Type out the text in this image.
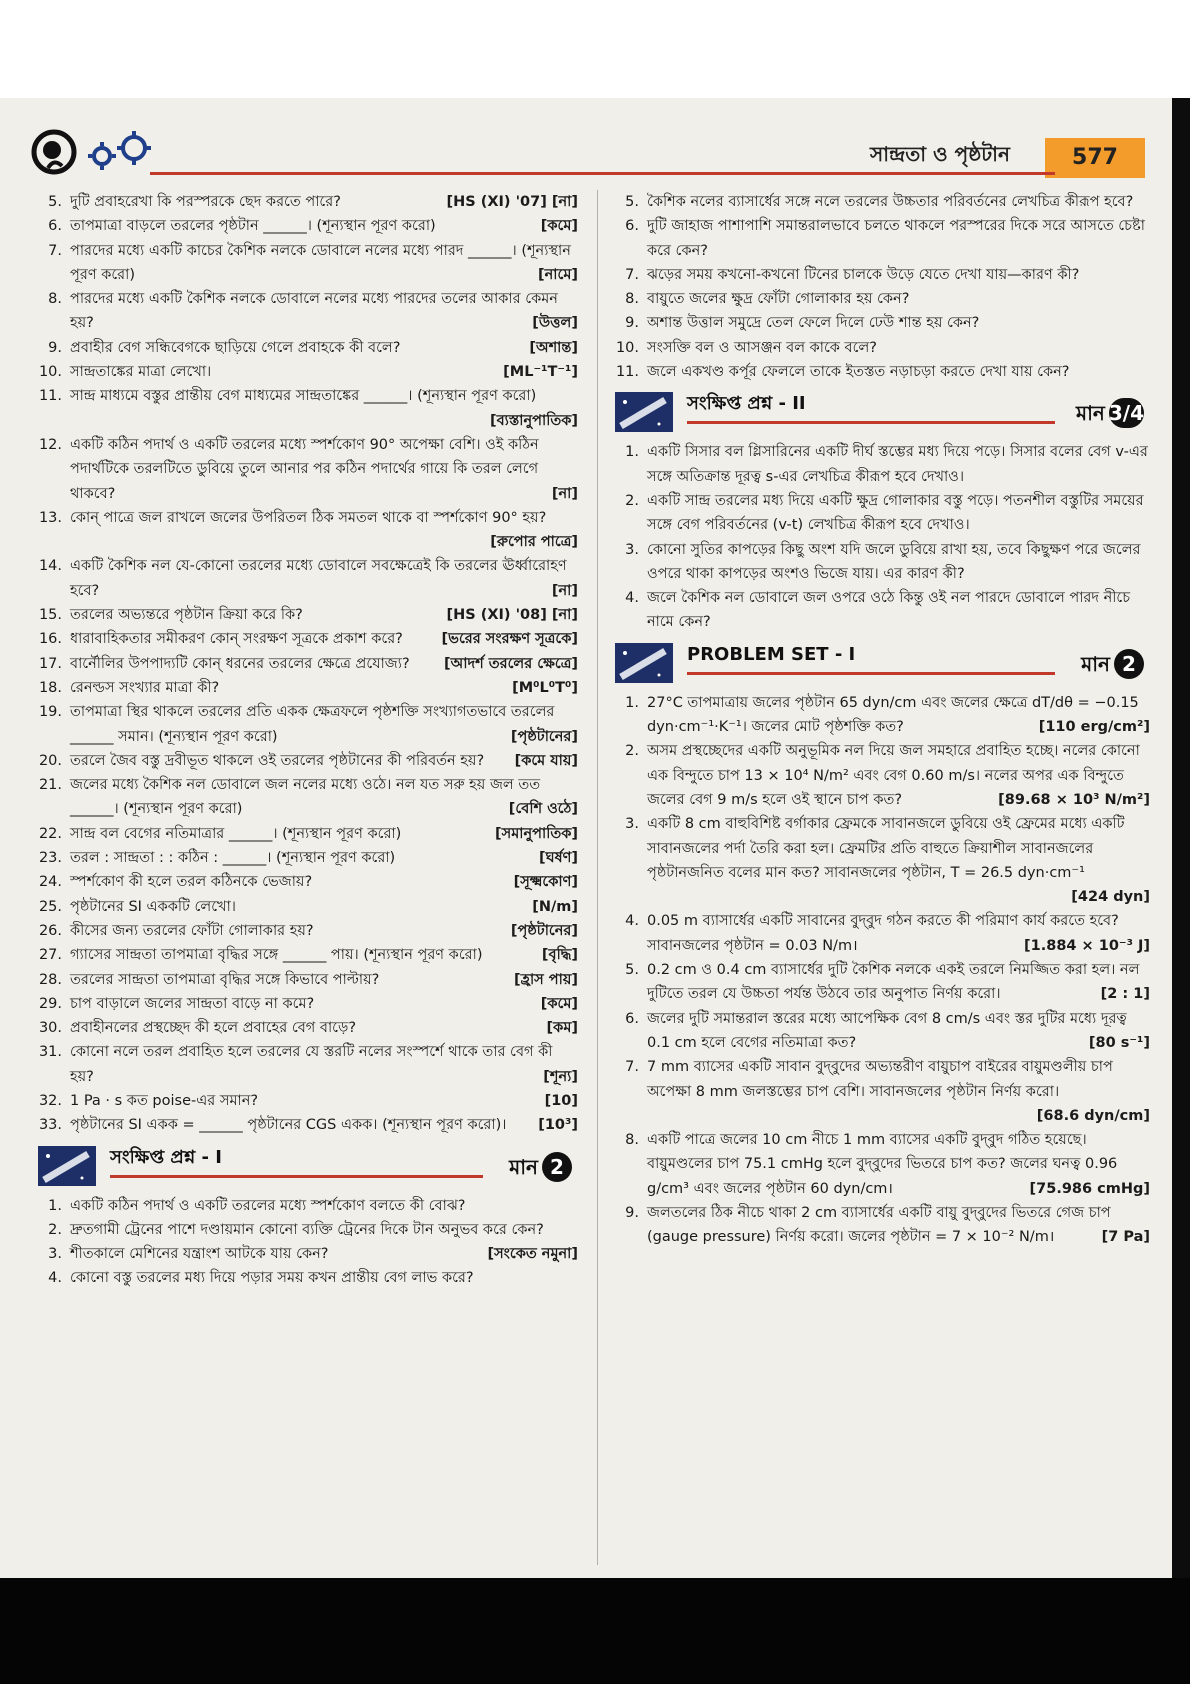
সান্দ্রতা ও পৃষ্ঠটান	577
5. দুটি প্রবাহরেখা কি পরস্পরকে ছেদ করতে পারে?	[HS (XI) '07] [না]
6. তাপমাত্রা বাড়লে তরলের পৃষ্ঠটান ______। (শূন্যস্থান পূরণ করো)	[কমে]
7. পারদের মধ্যে একটি কাচের কৈশিক নলকে ডোবালে নলের মধ্যে পারদ ______। (শূন্যস্থান পূরণ করো)	[নামে]
8. পারদের মধ্যে একটি কৈশিক নলকে ডোবালে নলের মধ্যে পারদের তলের আকার কেমন হয়?	[উত্তল]
9. প্রবাহীর বেগ সন্ধিবেগকে ছাড়িয়ে গেলে প্রবাহকে কী বলে?	[অশান্ত]
10. সান্দ্রতাঙ্কের মাত্রা লেখো।	[ML⁻¹T⁻¹]
11. সান্দ্র মাধ্যমে বস্তুর প্রান্তীয় বেগ মাধ্যমের সান্দ্রতাঙ্কের ______। (শূন্যস্থান পূরণ করো)
[ব্যস্তানুপাতিক]
12. একটি কঠিন পদার্থ ও একটি তরলের মধ্যে স্পর্শকোণ 90° অপেক্ষা বেশি। ওই কঠিন পদার্থটিকে তরলটিতে ডুবিয়ে তুলে আনার পর কঠিন পদার্থের গায়ে কি তরল লেগে থাকবে?	[না]
13. কোন্‌ পাত্রে জল রাখলে জলের উপরিতল ঠিক সমতল থাকে বা স্পর্শকোণ 90° হয়?
[রুপোর পাত্রে]
14. একটি কৈশিক নল যে-কোনো তরলের মধ্যে ডোবালে সবক্ষেত্রেই কি তরলের ঊর্ধ্বারোহণ হবে?	[না]
15. তরলের অভ্যন্তরে পৃষ্ঠটান ক্রিয়া করে কি?	[HS (XI) '08] [না]
16. ধারাবাহিকতার সমীকরণ কোন্‌ সংরক্ষণ সূত্রকে প্রকাশ করে?	[ভরের সংরক্ষণ সূত্রকে]
17. বার্নৌলির উপপাদ্যটি কোন্‌ ধরনের তরলের ক্ষেত্রে প্রযোজ্য?	[আদর্শ তরলের ক্ষেত্রে]
18. রেনল্ডস সংখ্যার মাত্রা কী?	[M⁰L⁰T⁰]
19. তাপমাত্রা স্থির থাকলে তরলের প্রতি একক ক্ষেত্রফলে পৃষ্ঠশক্তি সংখ্যাগতভাবে তরলের ______ সমান। (শূন্যস্থান পূরণ করো)	[পৃষ্ঠটানের]
20. তরলে জৈব বস্তু দ্রবীভূত থাকলে ওই তরলের পৃষ্ঠটানের কী পরিবর্তন হয়?	[কমে যায়]
21. জলের মধ্যে কৈশিক নল ডোবালে জল নলের মধ্যে ওঠে। নল যত সরু হয় জল তত ______। (শূন্যস্থান পূরণ করো)	[বেশি ওঠে]
22. সান্দ্র বল বেগের নতিমাত্রার ______। (শূন্যস্থান পূরণ করো)	[সমানুপাতিক]
23. তরল : সান্দ্রতা : : কঠিন : ______। (শূন্যস্থান পূরণ করো)	[ঘর্ষণ]
24. স্পর্শকোণ কী হলে তরল কঠিনকে ভেজায়?	[সূক্ষ্মকোণ]
25. পৃষ্ঠটানের SI এককটি লেখো।	[N/m]
26. কীসের জন্য তরলের ফোঁটা গোলাকার হয়?	[পৃষ্ঠটানের]
27. গ্যাসের সান্দ্রতা তাপমাত্রা বৃদ্ধির সঙ্গে ______ পায়। (শূন্যস্থান পূরণ করো)	[বৃদ্ধি]
28. তরলের সান্দ্রতা তাপমাত্রা বৃদ্ধির সঙ্গে কিভাবে পাল্টায়?	[হ্রাস পায়]
29. চাপ বাড়ালে জলের সান্দ্রতা বাড়ে না কমে?	[কমে]
30. প্রবাহীনলের প্রস্থচ্ছেদ কী হলে প্রবাহের বেগ বাড়ে?	[কম]
31. কোনো নলে তরল প্রবাহিত হলে তরলের যে স্তরটি নলের সংস্পর্শে থাকে তার বেগ কী হয়?	[শূন্য]
32. 1 Pa · s কত poise-এর সমান?	[10]
33. পৃষ্ঠটানের SI একক = ______ পৃষ্ঠটানের CGS একক। (শূন্যস্থান পূরণ করো)।	[10³]
সংক্ষিপ্ত প্রশ্ন - I	মান 2
1. একটি কঠিন পদার্থ ও একটি তরলের মধ্যে স্পর্শকোণ বলতে কী বোঝ?
2. দ্রুতগামী ট্রেনের পাশে দণ্ডায়মান কোনো ব্যক্তি ট্রেনের দিকে টান অনুভব করে কেন?
3. শীতকালে মেশিনের যন্ত্রাংশ আটকে যায় কেন?	[সংকেত নমুনা]
4. কোনো বস্তু তরলের মধ্য দিয়ে পড়ার সময় কখন প্রান্তীয় বেগ লাভ করে?
5. কৈশিক নলের ব্যাসার্ধের সঙ্গে নলে তরলের উচ্চতার পরিবর্তনের লেখচিত্র কীরূপ হবে?
6. দুটি জাহাজ পাশাপাশি সমান্তরালভাবে চলতে থাকলে পরস্পরের দিকে সরে আসতে চেষ্টা করে কেন?
7. ঝড়ের সময় কখনো-কখনো টিনের চালকে উড়ে যেতে দেখা যায়—কারণ কী?
8. বায়ুতে জলের ক্ষুদ্র ফোঁটা গোলাকার হয় কেন?
9. অশান্ত উত্তাল সমুদ্রে তেল ফেলে দিলে ঢেউ শান্ত হয় কেন?
10. সংসক্তি বল ও আসঞ্জন বল কাকে বলে?
11. জলে একখণ্ড কর্পূর ফেললে তাকে ইতস্তত নড়াচড়া করতে দেখা যায় কেন?
সংক্ষিপ্ত প্রশ্ন - II	মান 3/4
1. একটি সিসার বল গ্লিসারিনের একটি দীর্ঘ স্তম্ভের মধ্য দিয়ে পড়ে। সিসার বলের বেগ v-এর সঙ্গে অতিক্রান্ত দূরত্ব s-এর লেখচিত্র কীরূপ হবে দেখাও।
2. একটি সান্দ্র তরলের মধ্য দিয়ে একটি ক্ষুদ্র গোলাকার বস্তু পড়ে। পতনশীল বস্তুটির সময়ের সঙ্গে বেগ পরিবর্তনের (v-t) লেখচিত্র কীরূপ হবে দেখাও।
3. কোনো সুতির কাপড়ের কিছু অংশ যদি জলে ডুবিয়ে রাখা হয়, তবে কিছুক্ষণ পরে জলের ওপরে থাকা কাপড়ের অংশও ভিজে যায়। এর কারণ কী?
4. জলে কৈশিক নল ডোবালে জল ওপরে ওঠে কিন্তু ওই নল পারদে ডোবালে পারদ নীচে নামে কেন?
PROBLEM SET - I	মান 2
1. 27°C তাপমাত্রায় জলের পৃষ্ঠটান 65 dyn/cm এবং জলের ক্ষেত্রে dT/dθ = −0.15 dyn·cm⁻¹·K⁻¹। জলের মোট পৃষ্ঠশক্তি কত?	[110 erg/cm²]
2. অসম প্রস্থচ্ছেদের একটি অনুভূমিক নল দিয়ে জল সমহারে প্রবাহিত হচ্ছে। নলের কোনো এক বিন্দুতে চাপ 13 × 10⁴ N/m² এবং বেগ 0.60 m/s। নলের অপর এক বিন্দুতে জলের বেগ 9 m/s হলে ওই স্থানে চাপ কত?	[89.68 × 10³ N/m²]
3. একটি 8 cm বাহুবিশিষ্ট বর্গাকার ফ্রেমকে সাবানজলে ডুবিয়ে ওই ফ্রেমের মধ্যে একটি সাবানজলের পর্দা তৈরি করা হল। ফ্রেমটির প্রতি বাহুতে ক্রিয়াশীল সাবানজলের পৃষ্ঠটানজনিত বলের মান কত? সাবানজলের পৃষ্ঠটান, T = 26.5 dyn·cm⁻¹
[424 dyn]
4. 0.05 m ব্যাসার্ধের একটি সাবানের বুদ্‌বুদ গঠন করতে কী পরিমাণ কার্য করতে হবে? সাবানজলের পৃষ্ঠটান = 0.03 N/m।	[1.884 × 10⁻³ J]
5. 0.2 cm ও 0.4 cm ব্যাসার্ধের দুটি কৈশিক নলকে একই তরলে নিমজ্জিত করা হল। নল দুটিতে তরল যে উচ্চতা পর্যন্ত উঠবে তার অনুপাত নির্ণয় করো।	[2 : 1]
6. জলের দুটি সমান্তরাল স্তরের মধ্যে আপেক্ষিক বেগ 8 cm/s এবং স্তর দুটির মধ্যে দূরত্ব 0.1 cm হলে বেগের নতিমাত্রা কত?	[80 s⁻¹]
7. 7 mm ব্যাসের একটি সাবান বুদ্‌বুদের অভ্যন্তরীণ বায়ুচাপ বাইরের বায়ুমণ্ডলীয় চাপ অপেক্ষা 8 mm জলস্তম্ভের চাপ বেশি। সাবানজলের পৃষ্ঠটান নির্ণয় করো।
[68.6 dyn/cm]
8. একটি পাত্রে জলের 10 cm নীচে 1 mm ব্যাসের একটি বুদ্‌বুদ গঠিত হয়েছে। বায়ুমণ্ডলের চাপ 75.1 cmHg হলে বুদ্‌বুদের ভিতরে চাপ কত? জলের ঘনত্ব 0.96 g/cm³ এবং জলের পৃষ্ঠটান 60 dyn/cm।	[75.986 cmHg]
9. জলতলের ঠিক নীচে থাকা 2 cm ব্যাসার্ধের একটি বায়ু বুদ্‌বুদের ভিতরে গেজ চাপ (gauge pressure) নির্ণয় করো। জলের পৃষ্ঠটান = 7 × 10⁻² N/m।	[7 Pa]
